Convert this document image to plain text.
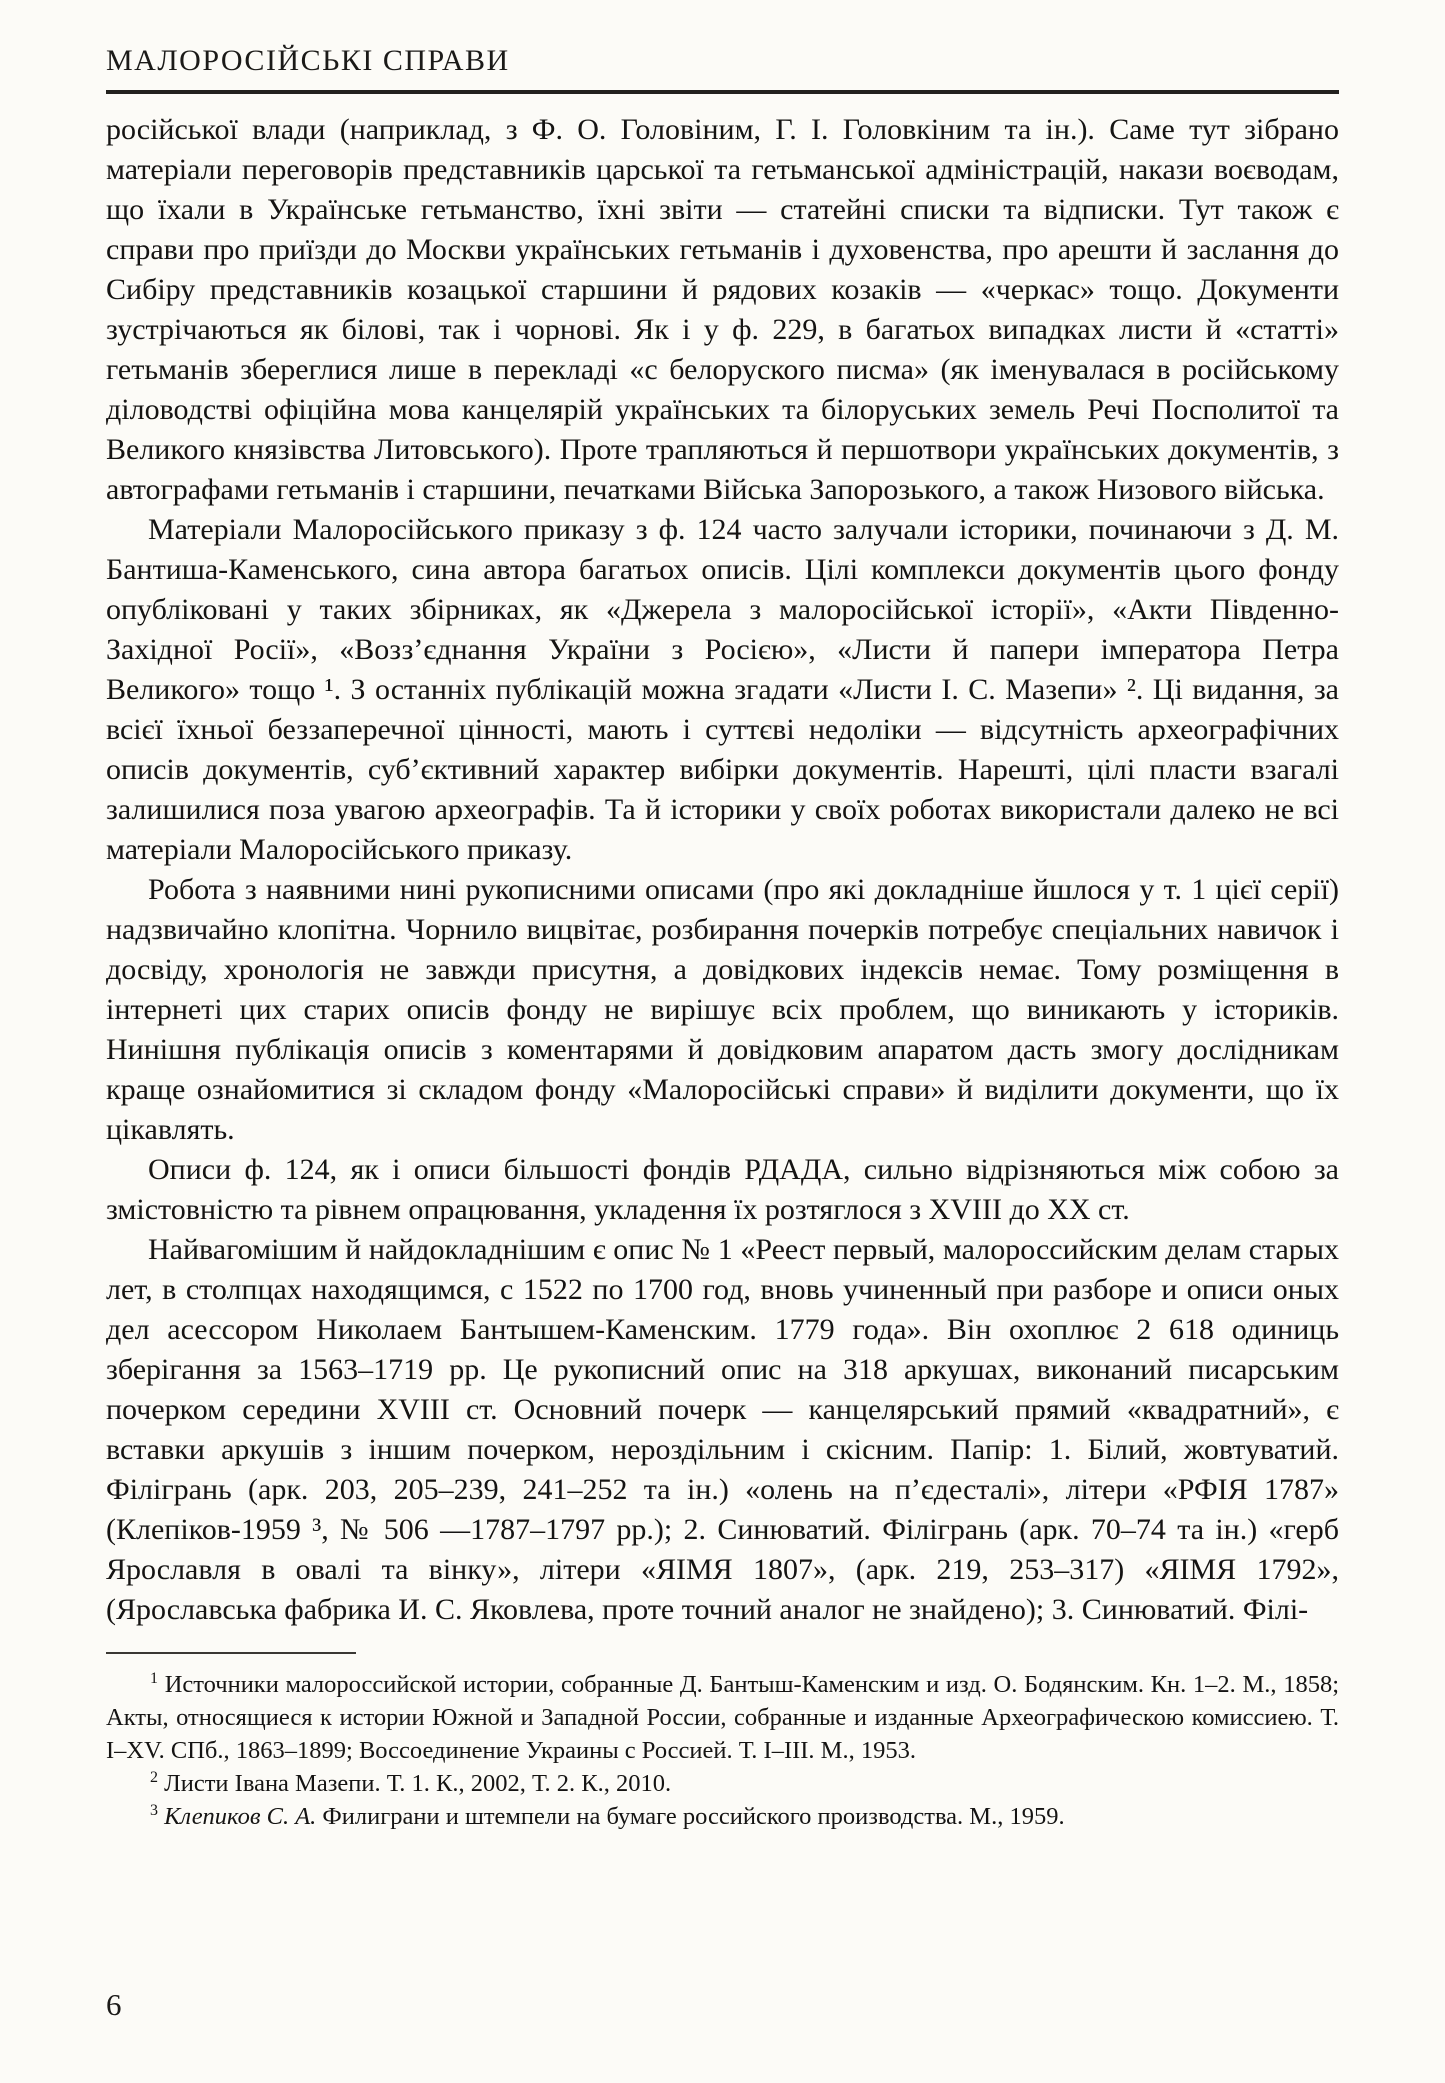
МАЛОРОСІЙСЬКІ СПРАВИ

російської влади (наприклад, з Ф. О. Головіним, Г. І. Головкіним та ін.). Саме тут зібрано матеріали переговорів представників царської та гетьманської адміністрацій, накази воєводам, що їхали в Українське гетьманство, їхні звіти — статейні списки та відписки. Тут також є справи про приїзди до Москви українських гетьманів і духовенства, про арешти й заслання до Сибіру представників козацької старшини й рядових козаків — «черкас» тощо. Документи зустрічаються як білові, так і чорнові. Як і у ф. 229, в багатьох випадках листи й «статті» гетьманів збереглися лише в перекладі «с белоруского писма» (як іменувалася в російському діловодстві офіційна мова канцелярій українських та білоруських земель Речі Посполитої та Великого князівства Литовського). Проте трапляються й першотвори українських документів, з автографами гетьманів і старшини, печатками Війська Запорозького, а також Низового війська.

Матеріали Малоросійського приказу з ф. 124 часто залучали історики, починаючи з Д. М. Бантиша-Каменського, сина автора багатьох описів. Цілі комплекси документів цього фонду опубліковані у таких збірниках, як «Джерела з малоросійської історії», «Акти Південно-Західної Росії», «Возз’єднання України з Росією», «Листи й папери імператора Петра Великого» тощо ¹. З останніх публікацій можна згадати «Листи І. С. Мазепи» ². Ці видання, за всієї їхньої беззаперечної цінності, мають і суттєві недоліки — відсутність археографічних описів документів, суб’єктивний характер вибірки документів. Нарешті, цілі пласти взагалі залишилися поза увагою археографів. Та й історики у своїх роботах використали далеко не всі матеріали Малоросійського приказу.

Робота з наявними нині рукописними описами (про які докладніше йшлося у т. 1 цієї серії) надзвичайно клопітна. Чорнило вицвітає, розбирання почерків потребує спеціальних навичок і досвіду, хронологія не завжди присутня, а довідкових індексів немає. Тому розміщення в інтернеті цих старих описів фонду не вирішує всіх проблем, що виникають у істориків. Нинішня публікація описів з коментарями й довідковим апаратом дасть змогу дослідникам краще ознайомитися зі складом фонду «Малоросійські справи» й виділити документи, що їх цікавлять.

Описи ф. 124, як і описи більшості фондів РДАДА, сильно відрізняються між собою за змістовністю та рівнем опрацювання, укладення їх розтяглося з XVIII до XX ст.

Найвагомішим й найдокладнішим є опис № 1 «Реест первый, малороссийским делам старых лет, в столпцах находящимся, с 1522 по 1700 год, вновь учиненный при разборе и описи оных дел асессором Николаем Бантышем-Каменским. 1779 года». Він охоплює 2 618 одиниць зберігання за 1563–1719 рр. Це рукописний опис на 318 аркушах, виконаний писарським почерком середини XVIII ст. Основний почерк — канцелярський прямий «квадратний», є вставки аркушів з іншим почерком, нероздільним і скісним. Папір: 1. Білий, жовтуватий. Філігрань (арк. 203, 205–239, 241–252 та ін.) «олень на п’єдесталі», літери «РФІЯ 1787» (Клепіков-1959 ³, № 506 —1787–1797 рр.); 2. Синюватий. Філігрань (арк. 70–74 та ін.) «герб Ярославля в овалі та вінку», літери «ЯІМЯ 1807», (арк. 219, 253–317) «ЯІМЯ 1792», (Ярославська фабрика И. С. Яковлева, проте точний аналог не знайдено); 3. Синюватий. Філі-

$^1$ Источники малороссийской истории, собранные Д. Бантыш-Каменским и изд. О. Бодянским. Кн. 1–2. М., 1858; Акты, относящиеся к истории Южной и Западной России, собранные и изданные Археографическою комиссиею. Т. I–XV. СПб., 1863–1899; Воссоединение Украины с Россией. Т. I–III. М., 1953.

$^2$ Листи Івана Мазепи. Т. 1. К., 2002, Т. 2. К., 2010.

$^3$ Клепиков С. А. Филиграни и штемпели на бумаге российского производства. М., 1959.

6
